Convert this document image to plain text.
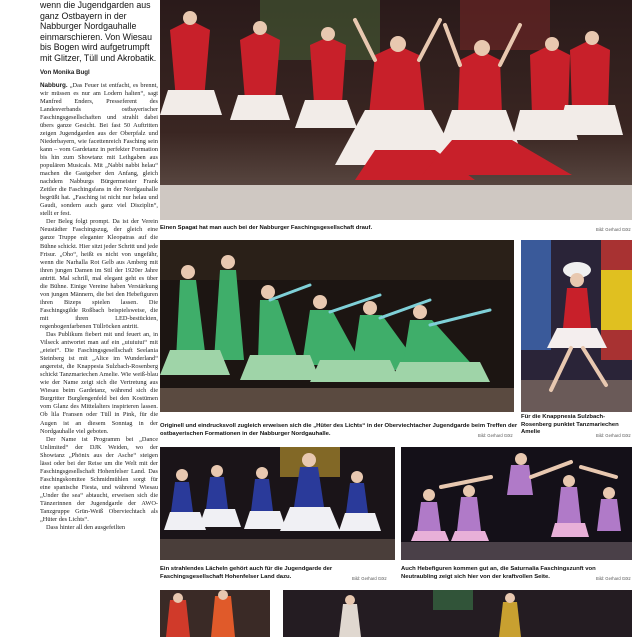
wenn die Jugendgarden aus ganz Ostbayern in der Nabburger Nordgauhalle einmarschieren. Von Wiesau bis Bogen wird aufgetrumpft mit Glitzer, Tüll und Akrobatik.

Von Monika Bugl

Nabburg. „Das Feuer ist entfacht, es brennt, wir müssen es nur am Lodern halten“, sagt Manfred Enders, Presseferent des Landesverbands ostbayerischer Faschingsgesellschaften und strahlt dabei übers ganze Gesicht. Bei fast 50 Auftritten zeigen Jugendgarden aus der Oberpfalz und Niederbayern, wie facettenreich Fasching sein kann – vom Gardetanz in perfekter Formation bis hin zum Showtanz mit Leihgaben aus populären Musicals. Mit „Nabbi nabbi helau“ machen die Gastgeber den Anfang, gleich nachdem Nabburgs Bürgermeister Frank Zeitler die Faschingsfans in der Nordgauhalle begrüßt hat. „Fasching ist nicht nur helau und Gaudi, sondern auch ganz viel Disziplin“, stellt er fest.

Der Beleg folgt prompt. Da ist der Verein Neustädter Faschingszug, der gleich eine ganze Truppe eleganter Kleopatras auf die Bühne schickt. Hier sitzt jeder Schritt und jede Frisur. „Oho“, heißt es nicht von ungefähr, wenn die Narhalla Rot Gelb aus Amberg mit ihren jungen Damen im Stil der 1920er Jahre antritt. Mal schrill, mal elegant geht es über die Bühne. Einige Vereine haben Verstärkung von jungen Männern, die bei den Hebefiguren ihren Bizeps spielen lassen. Die Faschingsgilde Roßbach beispielsweise, die mit ihren LED-bestückten, regenbogenfarbenen Tüllröcken antritt.

Das Publikum fiebert mit und feuert an, in Vilseck antwortet man auf ein „uiuiuiui“ mit „eieiei“. Die Faschingsgesellschaft Seelania Steinberg ist mit „Alice im Wunderland“ angereist, die Knappesia Sulzbach-Rosenberg schickt Tanzmariechen Amelie. Wie weiß-blau wie der Name zeigt sich die Vertretung aus Wiesau beim Gardetanz, während sich die Burgritter Burglengenfeld bei den Kostümen vom Glanz des Mittelalters inspirieren lassen. Ob lila Fransen oder Tüll in Pink, für die Augen ist an diesem Sonntag in der Nordgauhalle viel geboten.

Der Name ist Programm bei „Dance Unlimited“ der DJK Weiden, wo der Showtanz „Phönix aus der Asche“ steigen lässt oder bei der Reise um die Welt mit der Faschingsgesellschaft Hohenfelser Land. Das Faschingskomitee Schmidmühlen sorgt für eine spanische Fiesta, und während Wiesau „Under the sea“ abtaucht, erweisen sich die Tänzerinnen der Jugendgarde der AWO-Tanzgruppe Grün-Weiß Oberviechtach als „Hüter des Lichts“.

Dass hinter all den ausgefeilten

Einen Spagat hat man auch bei der Nabburger Faschingsgesellschaft drauf.	Bild: Gerhard Götz
Originell und eindrucksvoll zugleich erweisen sich die „Hüter des Lichts“ in der Oberviechtacher Jugendgarde beim Treffen der ostbayerischen Formationen in der Nabburger Nordgauhalle.	Bild: Gerhard Götz
Für die Knappnesia Sulzbach-Rosenberg punktet Tanzmariechen Amelie
Bild: Gerhard Götz
Ein strahlendes Lächeln gehört auch für die Jugendgarde der Faschingsgesellschaft Hohenfelser Land dazu.	Bild: Gerhard Götz
Auch Hebefiguren kommen gut an, die Saturnalia Faschingszunft von Neutraubling zeigt sich hier von der kraftvollen Seite.	Bild: Gerhard Götz
